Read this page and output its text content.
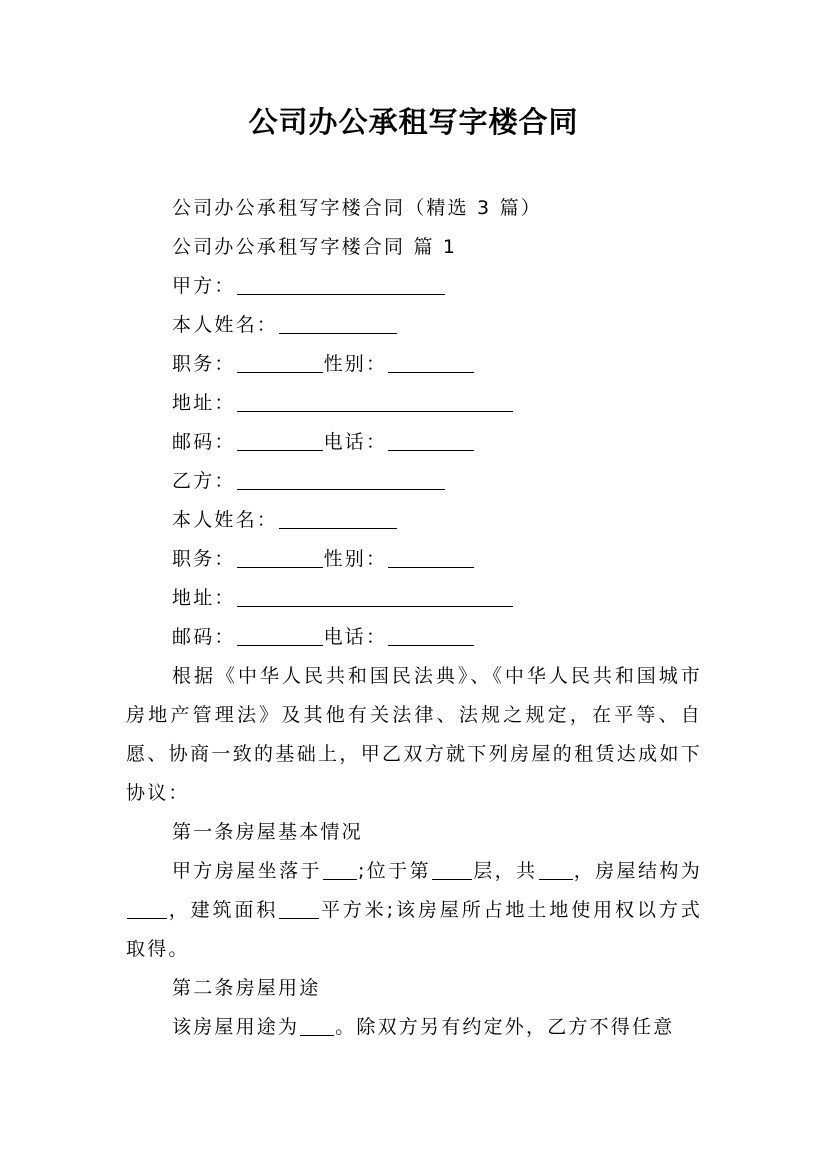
公司办公承租写字楼合同

公司办公承租写字楼合同（精选 3 篇）

公司办公承租写字楼合同 篇 1

甲方：

本人姓名：

职务：	性别：

地址：

邮码：	电话：

乙方：

本人姓名：

职务：	性别：

地址：

邮码：	电话：

根据《中华人民共和国民法典》、《中华人民共和国城市房地产管理法》及其他有关法律、法规之规定，在平等、自愿、协商一致的基础上，甲乙双方就下列房屋的租赁达成如下协议：

第一条房屋基本情况

甲方房屋坐落于 ;位于第 层，共 ，房屋结构为，建筑面积 平方米;该房屋所占地土地使用权以方式取得。

第二条房屋用途

该房屋用途为 。除双方另有约定外，乙方不得任意
